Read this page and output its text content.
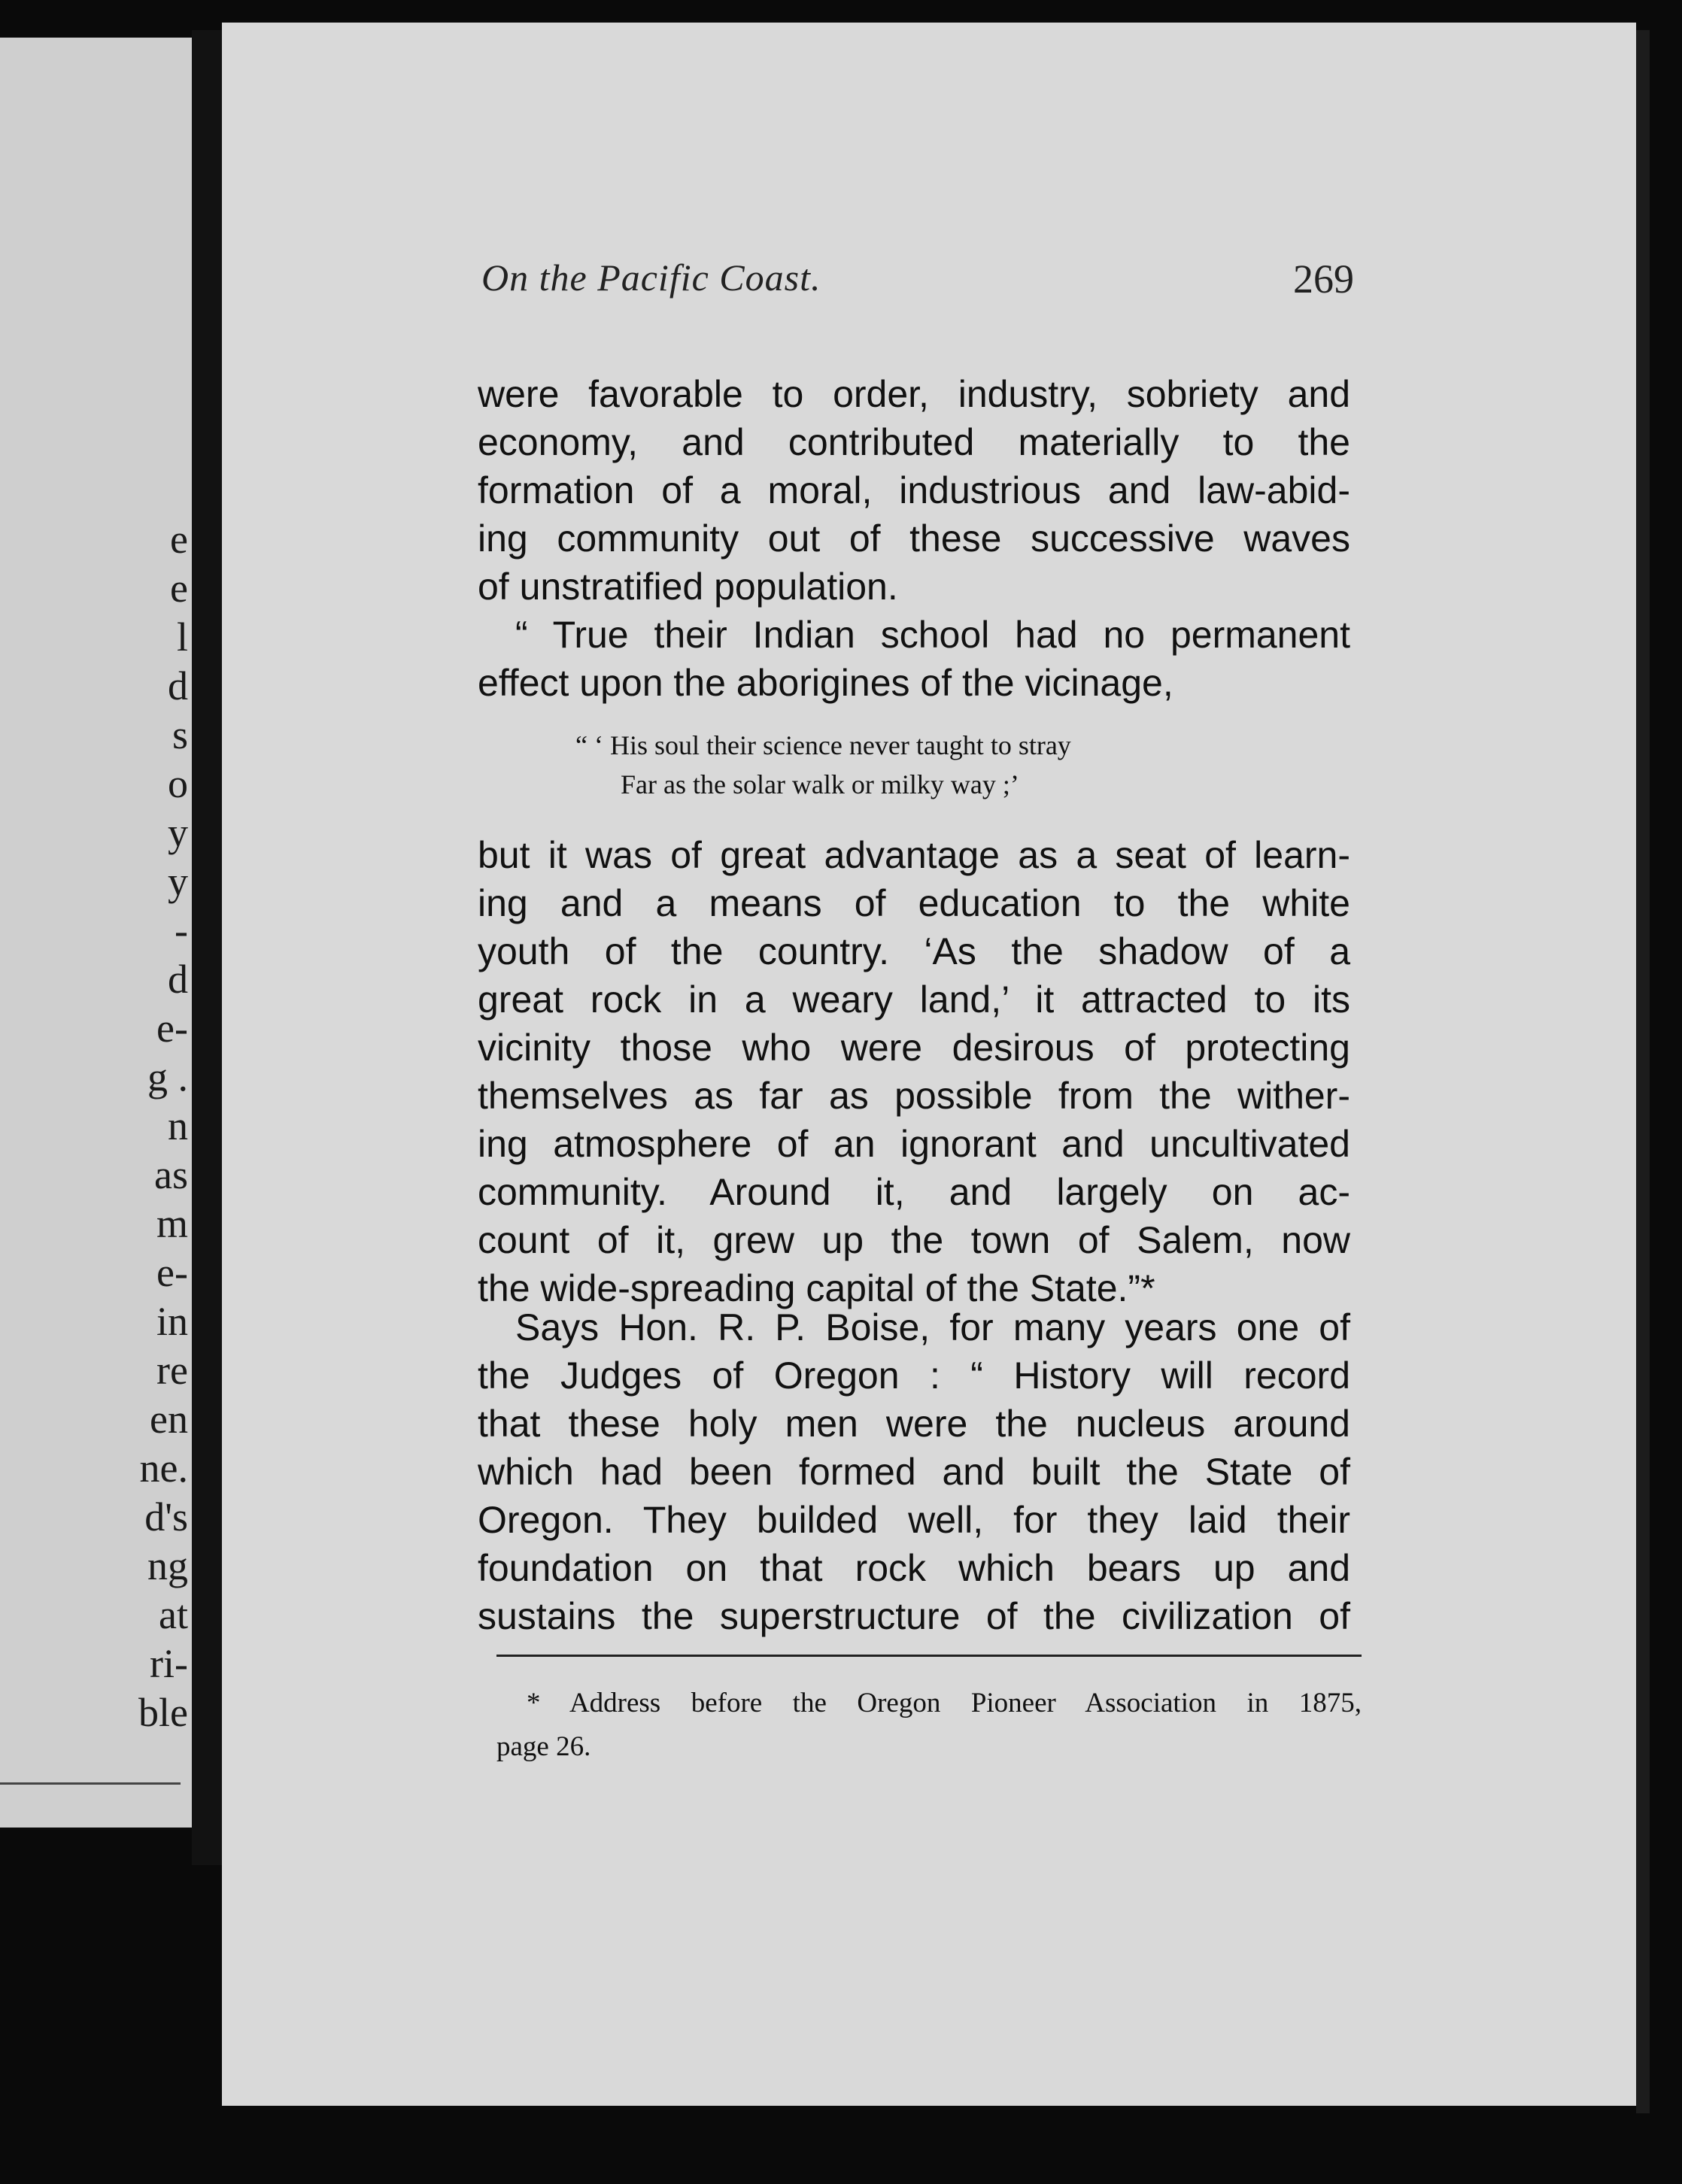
e
e
l
d
s
o
y
y
-
d
e-
g .
n
as
m
e-
in
re
en
ne.
d's
ng
at
ri-
ble
On the Pacific Coast.	269
were favorable to order, industry, sobriety and
economy, and contributed materially to the
formation of a moral, industrious and law-abid-
ing community out of these successive waves
of unstratified population.
“ True their Indian school had no permanent
effect upon the aborigines of the vicinage,
“ ‘ His soul their science never taught to stray
Far as the solar walk or milky way ;’
but it was of great advantage as a seat of learn-
ing and a means of education to the white
youth of the country. ‘As the shadow of a
great rock in a weary land,’ it attracted to its
vicinity those who were desirous of protecting
themselves as far as possible from the wither-
ing atmosphere of an ignorant and uncultivated
community. Around it, and largely on ac-
count of it, grew up the town of Salem, now
the wide-spreading capital of the State.”*
Says Hon. R. P. Boise, for many years one of
the Judges of Oregon : “ History will record
that these holy men were the nucleus around
which had been formed and built the State of
Oregon. They builded well, for they laid their
foundation on that rock which bears up and
sustains the superstructure of the civilization of
* Address before the Oregon Pioneer Association in 1875,
page 26.
